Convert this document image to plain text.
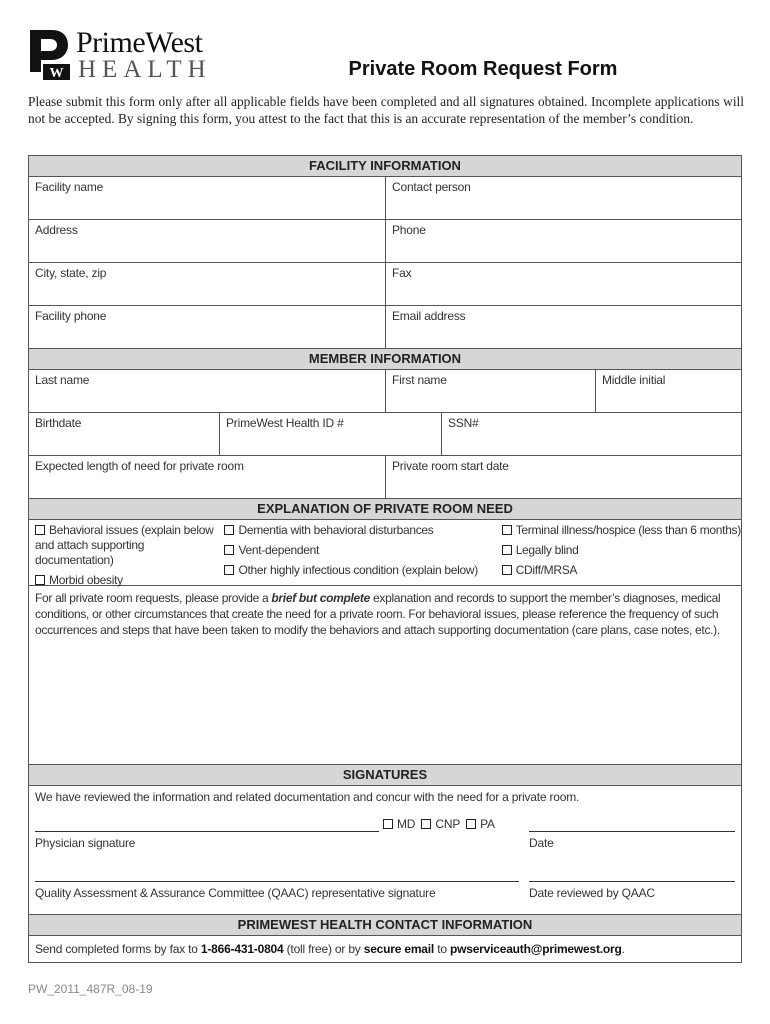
W
PrimeWest
HEALTH	Private Room Request Form
Please submit this form only after all applicable fields have been completed and all signatures obtained. Incomplete applications will not be accepted. By signing this form, you attest to the fact that this is an accurate representation of the member’s condition.
FACILITY INFORMATION
Facility name	Contact person
Address	Phone
City, state, zip	Fax
Facility phone	Email address
MEMBER INFORMATION
Last name	First name	Middle initial
Birthdate	PrimeWest Health ID #	SSN#
Expected length of need for private room	Private room start date
EXPLANATION OF PRIVATE ROOM NEED
Behavioral issues (explain below and attach supporting documentation)
Morbid obesity
Dementia with behavioral disturbances
Vent-dependent
Other highly infectious condition (explain below)
Terminal illness/hospice (less than 6 months)
Legally blind
CDiff/MRSA
For all private room requests, please provide a brief but complete explanation and records to support the member’s diagnoses, medical conditions, or other circumstances that create the need for a private room. For behavioral issues, please reference the frequency of such occurrences and steps that have been taken to modify the behaviors and attach supporting documentation (care plans, case notes, etc.).
SIGNATURES
We have reviewed the information and related documentation and concur with the need for a private room.
MD CNP PA
Physician signature	Date
Quality Assessment & Assurance Committee (QAAC) representative signature	Date reviewed by QAAC
PRIMEWEST HEALTH CONTACT INFORMATION
Send completed forms by fax to 1-866-431-0804 (toll free) or by secure email to pwserviceauth@primewest.org.
PW_2011_487R_08-19
